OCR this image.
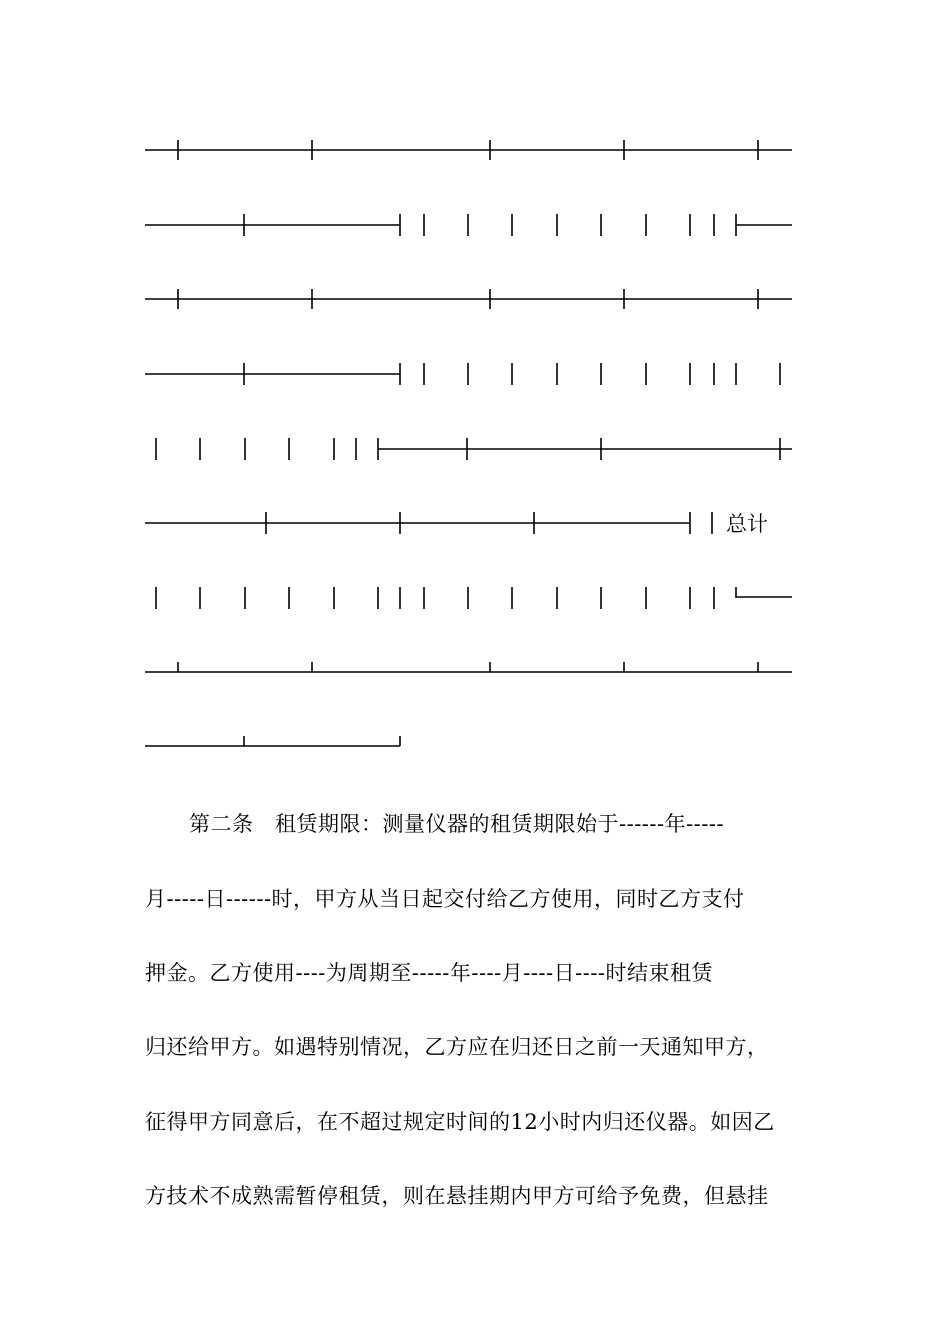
总计
第二条　租赁期限：测量仪器的租赁期限始于------年-----
月-----日------时，甲方从当日起交付给乙方使用，同时乙方支付
押金。乙方使用----为周期至-----年----月----日----时结束租赁
归还给甲方。如遇特别情况，乙方应在归还日之前一天通知甲方，
征得甲方同意后，在不超过规定时间的12小时内归还仪器。如因乙
方技术不成熟需暂停租赁，则在悬挂期内甲方可给予免费，但悬挂
